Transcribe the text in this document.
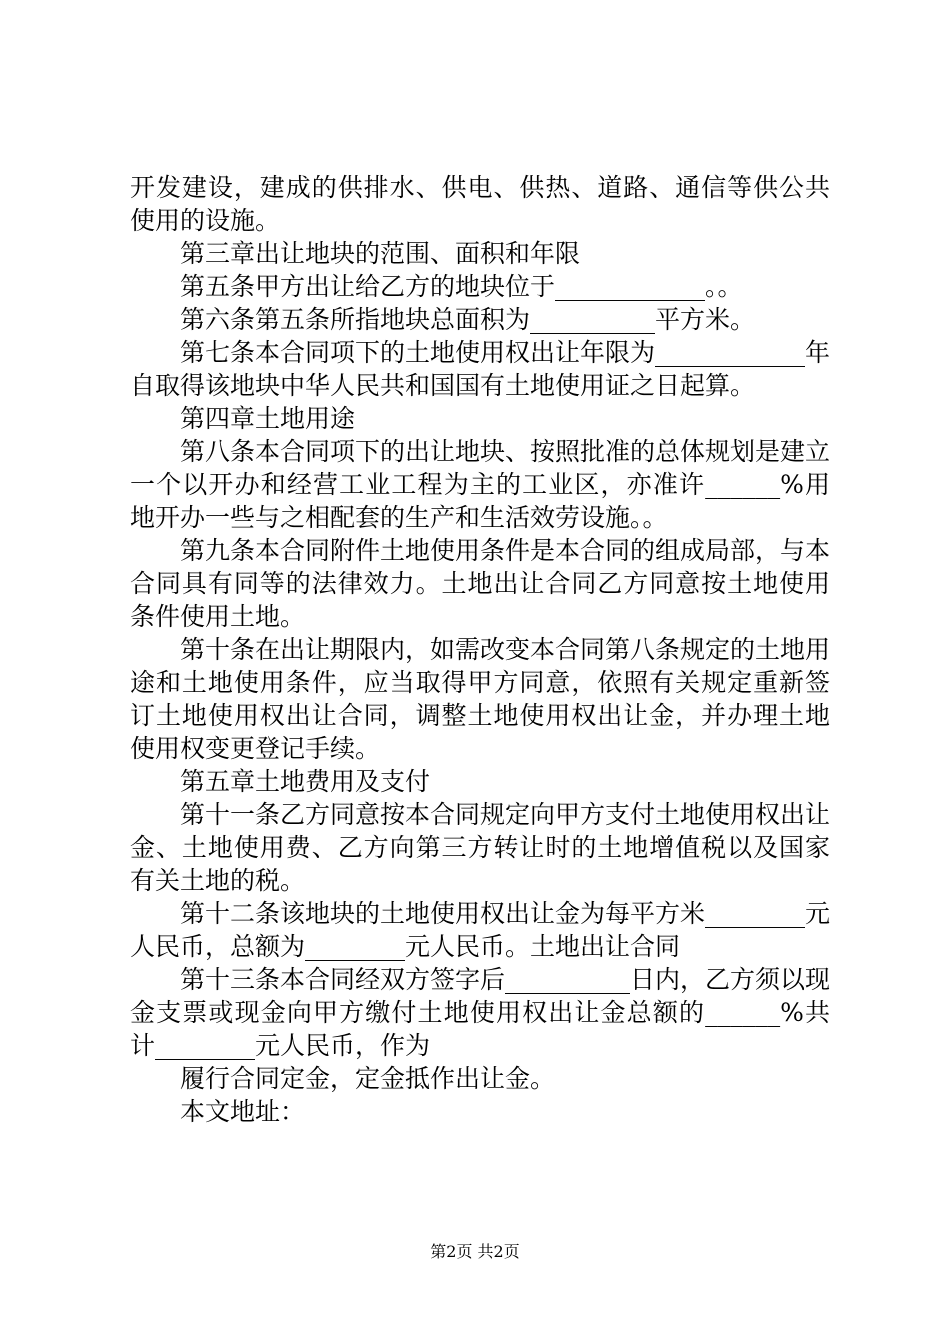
开发建设，建成的供排水、供电、供热、道路、通信等供公共
使用的设施。
第三章出让地块的范围、面积和年限
第五条甲方出让给乙方的地块位于____________。。
第六条第五条所指地块总面积为__________平方米。
第七条本合同项下的土地使用权出让年限为____________年
自取得该地块中华人民共和国国有土地使用证之日起算。
第四章土地用途
第八条本合同项下的出让地块、按照批准的总体规划是建立
一个以开办和经营工业工程为主的工业区，亦准许______%用
地开办一些与之相配套的生产和生活效劳设施。。
第九条本合同附件土地使用条件是本合同的组成局部，与本
合同具有同等的法律效力。土地出让合同乙方同意按土地使用
条件使用土地。
第十条在出让期限内，如需改变本合同第八条规定的土地用
途和土地使用条件，应当取得甲方同意，依照有关规定重新签
订土地使用权出让合同，调整土地使用权出让金，并办理土地
使用权变更登记手续。
第五章土地费用及支付
第十一条乙方同意按本合同规定向甲方支付土地使用权出让
金、土地使用费、乙方向第三方转让时的土地增值税以及国家
有关土地的税。
第十二条该地块的土地使用权出让金为每平方米________元
人民币，总额为________元人民币。土地出让合同
第十三条本合同经双方签字后__________日内，乙方须以现
金支票或现金向甲方缴付土地使用权出让金总额的______%共
计________元人民币，作为
履行合同定金，定金抵作出让金。
本文地址：
第2页 共2页
